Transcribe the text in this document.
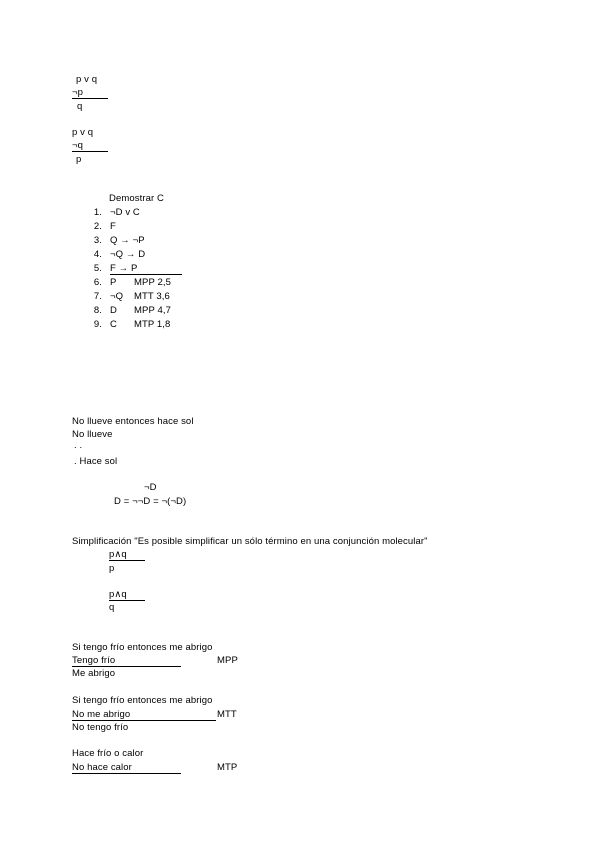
p v q
¬p
q
p v q
¬q
p
Demostrar C
1. ¬D v C
2. F
3. Q → ¬P
4. ¬Q → D
5. F → P
6. P MPP 2,5
7. ¬Q MTT 3,6
8. D MPP 4,7
9. C MTP 1,8
No llueve entonces hace sol
No llueve
. .
. Hace sol
¬D
D = ¬¬D = ¬(¬D)
Simplificación "Es posible simplificar un sólo término en una conjunción molecular"
p∧q
p
p∧q
q
Si tengo frío entonces me abrigo
Tengo frío	MPP
Me abrigo
Si tengo frío entonces me abrigo
No me abrigo	MTT
No tengo frío
Hace frío o calor
No hace calor	MTP
